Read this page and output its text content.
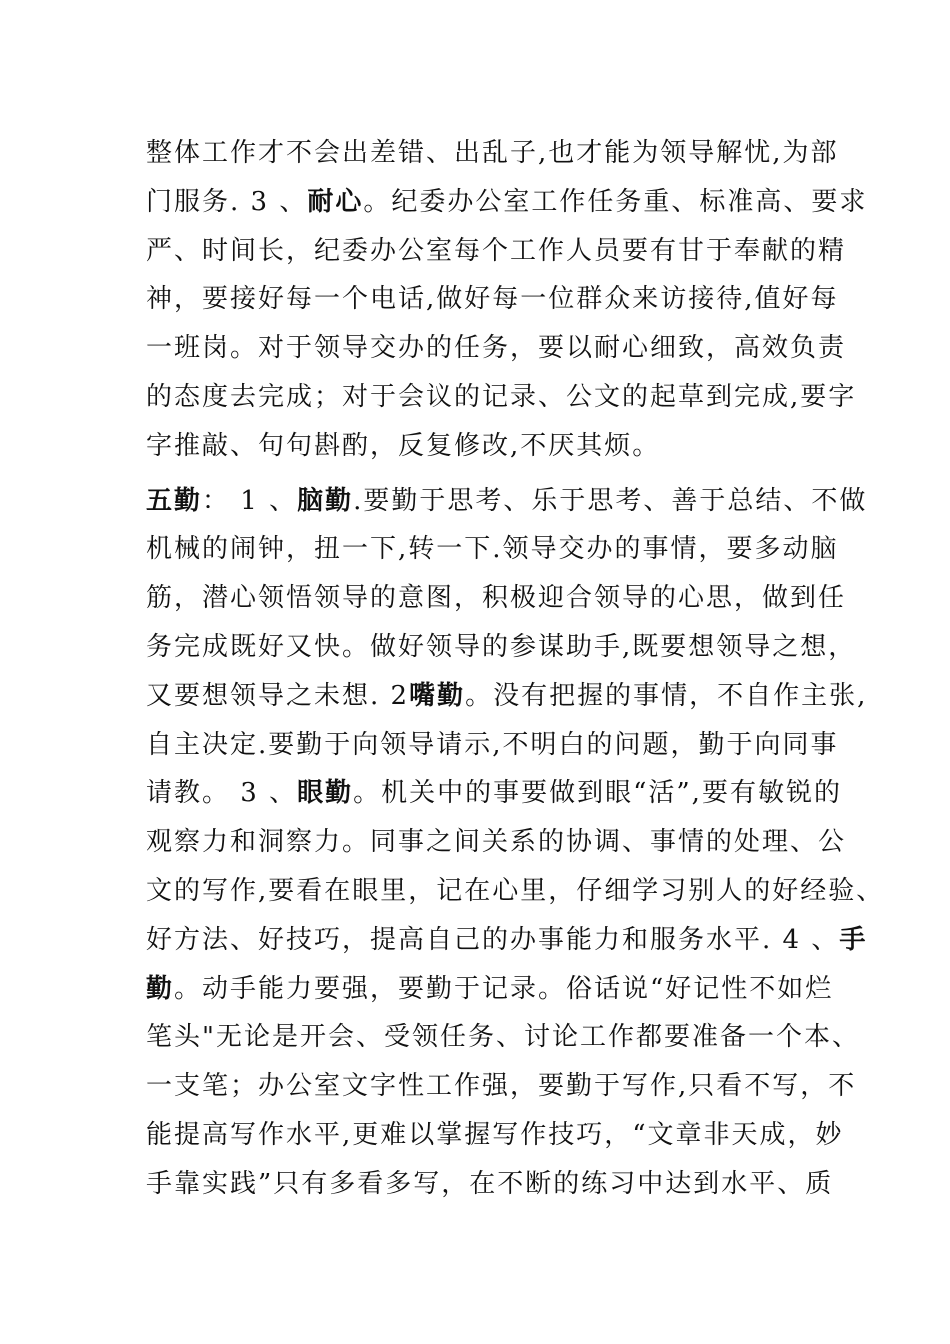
整体工作才不会出差错、出乱子,也才能为领导解忧,为部
门服务. 3 、耐心。纪委办公室工作任务重、标准高、要求
严、时间长，纪委办公室每个工作人员要有甘于奉献的精
神，要接好每一个电话,做好每一位群众来访接待,值好每
一班岗。对于领导交办的任务，要以耐心细致，高效负责
的态度去完成；对于会议的记录、公文的起草到完成,要字
字推敲、句句斟酌，反复修改,不厌其烦。
五勤： 1 、脑勤.要勤于思考、乐于思考、善于总结、不做
机械的闹钟，扭一下,转一下.领导交办的事情，要多动脑
筋，潜心领悟领导的意图，积极迎合领导的心思，做到任
务完成既好又快。做好领导的参谋助手,既要想领导之想，
又要想领导之未想. 2嘴勤。没有把握的事情，不自作主张,
自主决定.要勤于向领导请示,不明白的问题，勤于向同事
请教。 3 、眼勤。机关中的事要做到眼“活”,要有敏锐的
观察力和洞察力。同事之间关系的协调、事情的处理、公
文的写作,要看在眼里，记在心里，仔细学习别人的好经验、
好方法、好技巧，提高自己的办事能力和服务水平. 4 、手
勤。动手能力要强，要勤于记录。俗话说“好记性不如烂
笔头"无论是开会、受领任务、讨论工作都要准备一个本、
一支笔；办公室文字性工作强，要勤于写作,只看不写，不
能提高写作水平,更难以掌握写作技巧，“文章非天成，妙
手靠实践”只有多看多写，在不断的练习中达到水平、质
